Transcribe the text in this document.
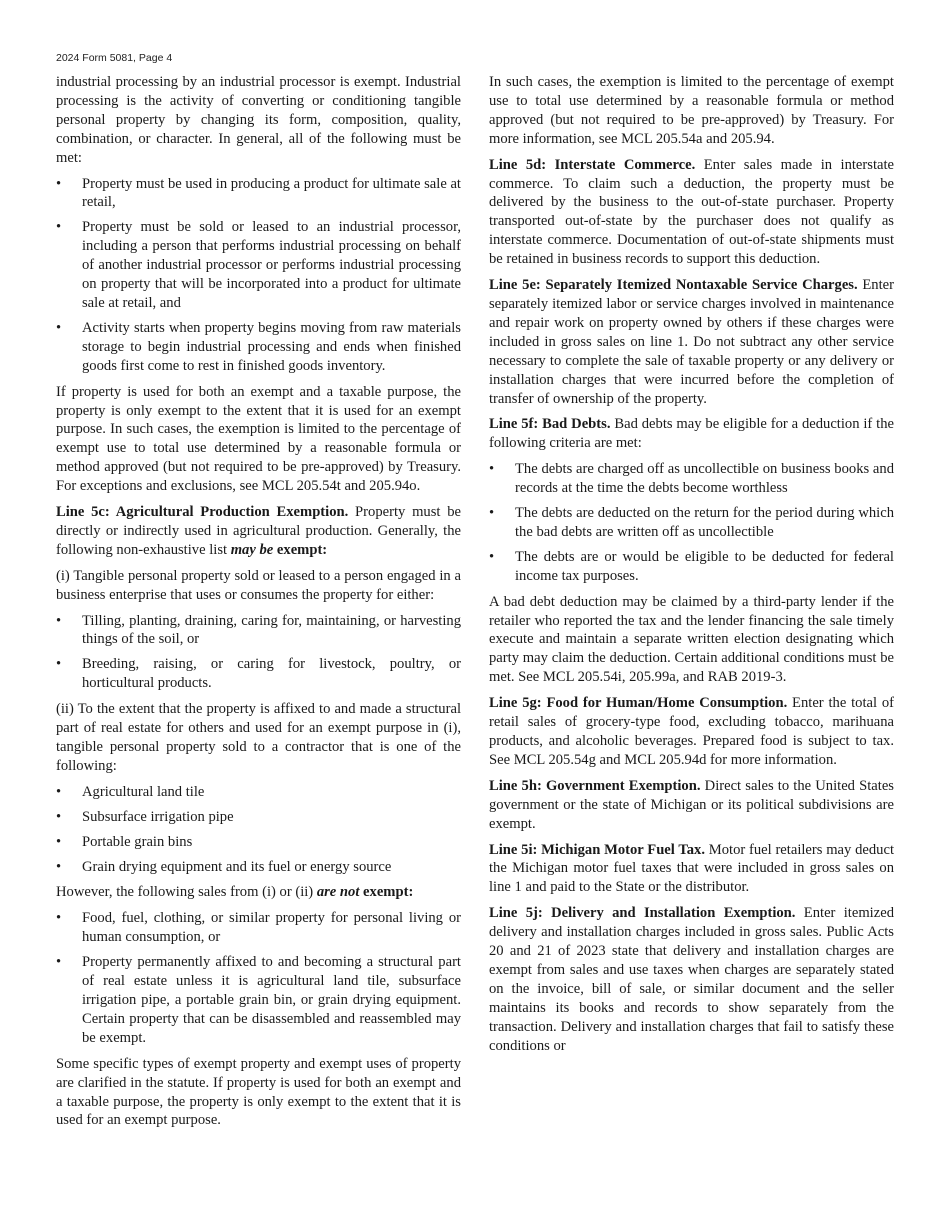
2024 Form 5081, Page 4

industrial processing by an industrial processor is exempt. Industrial processing is the activity of converting or conditioning tangible personal property by changing its form, composition, quality, combination, or character. In general, all of the following must be met:

• Property must be used in producing a product for ultimate sale at retail,
• Property must be sold or leased to an industrial processor, including a person that performs industrial processing on behalf of another industrial processor or performs industrial processing on property that will be incorporated into a product for ultimate sale at retail, and
• Activity starts when property begins moving from raw materials storage to begin industrial processing and ends when finished goods first come to rest in finished goods inventory.

If property is used for both an exempt and a taxable purpose, the property is only exempt to the extent that it is used for an exempt purpose. In such cases, the exemption is limited to the percentage of exempt use to total use determined by a reasonable formula or method approved (but not required to be pre-approved) by Treasury. For exceptions and exclusions, see MCL 205.54t and 205.94o.

Line 5c: Agricultural Production Exemption. Property must be directly or indirectly used in agricultural production. Generally, the following non-exhaustive list may be exempt:

(i) Tangible personal property sold or leased to a person engaged in a business enterprise that uses or consumes the property for either:

• Tilling, planting, draining, caring for, maintaining, or harvesting things of the soil, or
• Breeding, raising, or caring for livestock, poultry, or horticultural products.

(ii) To the extent that the property is affixed to and made a structural part of real estate for others and used for an exempt purpose in (i), tangible personal property sold to a contractor that is one of the following:

• Agricultural land tile
• Subsurface irrigation pipe
• Portable grain bins
• Grain drying equipment and its fuel or energy source

However, the following sales from (i) or (ii) are not exempt:

• Food, fuel, clothing, or similar property for personal living or human consumption, or
• Property permanently affixed to and becoming a structural part of real estate unless it is agricultural land tile, subsurface irrigation pipe, a portable grain bin, or grain drying equipment. Certain property that can be disassembled and reassembled may be exempt.

Some specific types of exempt property and exempt uses of property are clarified in the statute. If property is used for both an exempt and a taxable purpose, the property is only exempt to the extent that it is used for an exempt purpose.

In such cases, the exemption is limited to the percentage of exempt use to total use determined by a reasonable formula or method approved (but not required to be pre-approved) by Treasury. For more information, see MCL 205.54a and 205.94.

Line 5d: Interstate Commerce. Enter sales made in interstate commerce. To claim such a deduction, the property must be delivered by the business to the out-of-state purchaser. Property transported out-of-state by the purchaser does not qualify as interstate commerce. Documentation of out-of-state shipments must be retained in business records to support this deduction.

Line 5e: Separately Itemized Nontaxable Service Charges. Enter separately itemized labor or service charges involved in maintenance and repair work on property owned by others if these charges were included in gross sales on line 1. Do not subtract any other service necessary to complete the sale of taxable property or any delivery or installation charges that were incurred before the completion of transfer of ownership of the property.

Line 5f: Bad Debts. Bad debts may be eligible for a deduction if the following criteria are met:

• The debts are charged off as uncollectible on business books and records at the time the debts become worthless
• The debts are deducted on the return for the period during which the bad debts are written off as uncollectible
• The debts are or would be eligible to be deducted for federal income tax purposes.

A bad debt deduction may be claimed by a third-party lender if the retailer who reported the tax and the lender financing the sale timely execute and maintain a separate written election designating which party may claim the deduction. Certain additional conditions must be met. See MCL 205.54i, 205.99a, and RAB 2019-3.

Line 5g: Food for Human/Home Consumption. Enter the total of retail sales of grocery-type food, excluding tobacco, marihuana products, and alcoholic beverages. Prepared food is subject to tax. See MCL 205.54g and MCL 205.94d for more information.

Line 5h: Government Exemption. Direct sales to the United States government or the state of Michigan or its political subdivisions are exempt.

Line 5i: Michigan Motor Fuel Tax. Motor fuel retailers may deduct the Michigan motor fuel taxes that were included in gross sales on line 1 and paid to the State or the distributor.

Line 5j: Delivery and Installation Exemption. Enter itemized delivery and installation charges included in gross sales. Public Acts 20 and 21 of 2023 state that delivery and installation charges are exempt from sales and use taxes when charges are separately stated on the invoice, bill of sale, or similar document and the seller maintains its books and records to show separately from the transaction. Delivery and installation charges that fail to satisfy these conditions or
